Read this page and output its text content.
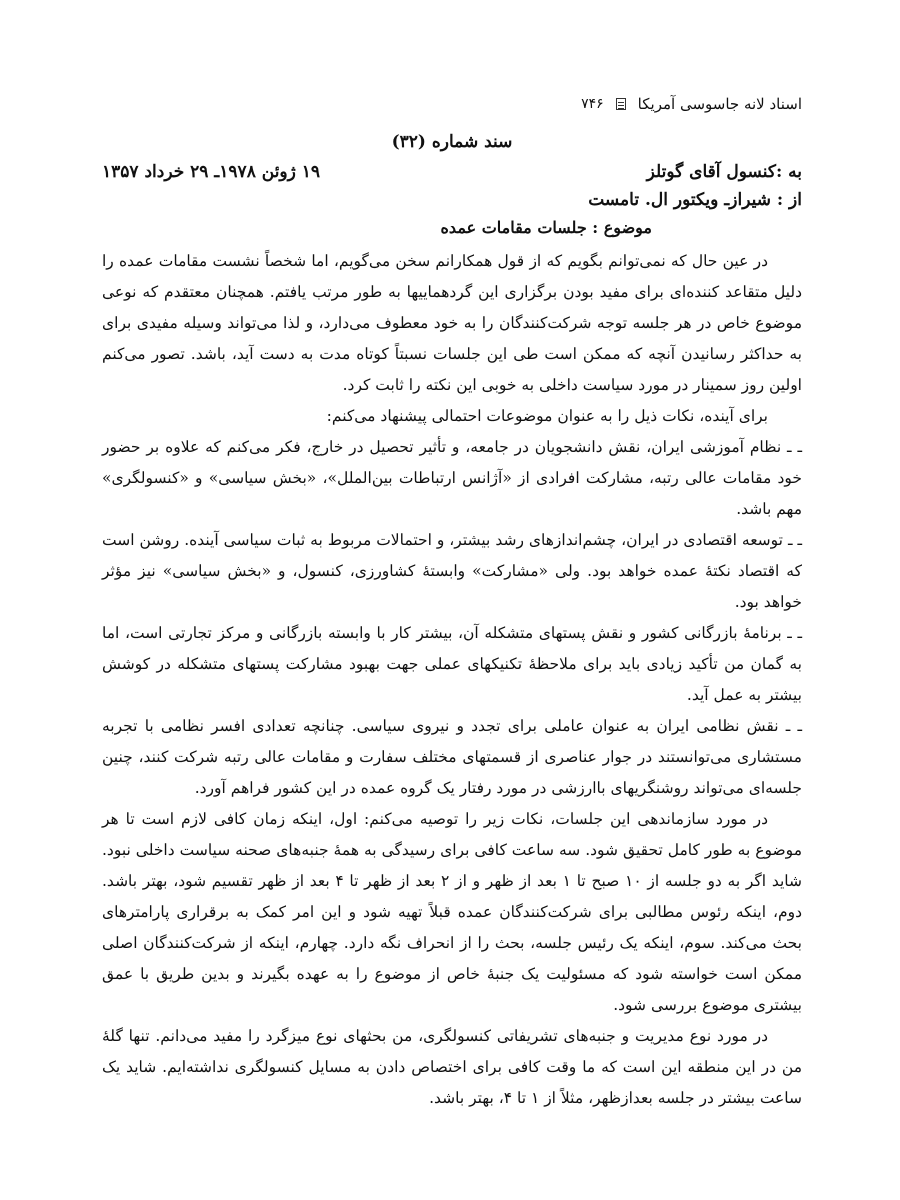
اسناد لانه جاسوسی آمریکا
۷۴۶
سند شماره (۳۲)
به :کنسول آقای گوتلز
۱۹ ژوئن ۱۹۷۸ـ ۲۹ خرداد ۱۳۵۷
از : شیرازـ ویکتور ال. تامست
موضوع : جلسات مقامات عمده

در عین حال که نمی‌توانم بگویم که از قول همکارانم سخن می‌گویم، اما شخصاً نشست مقامات عمده را دلیل متقاعد کننده‌ای برای مفید بودن برگزاری این گردهماییها به طور مرتب یافتم. همچنان معتقدم که نوعی موضوع خاص در هر جلسه توجه شرکت‌کنندگان را به خود معطوف می‌دارد، و لذا می‌تواند وسیله مفیدی برای به حداکثر رسانیدن آنچه که ممکن است طی این جلسات نسبتاً کوتاه مدت به دست آید، باشد. تصور می‌کنم اولین روز سمینار در مورد سیاست داخلی به خوبی این نکته را ثابت کرد.

برای آینده، نکات ذیل را به عنوان موضوعات احتمالی پیشنهاد می‌کنم:

ـ ـ نظام آموزشی ایران، نقش دانشجویان در جامعه، و تأثیر تحصیل در خارج، فکر می‌کنم که علاوه بر حضور خود مقامات عالی رتبه، مشارکت افرادی از «آژانس ارتباطات بین‌الملل»، «بخش سیاسی» و «کنسولگری» مهم باشد.

ـ ـ توسعه اقتصادی در ایران، چشم‌اندازهای رشد بیشتر، و احتمالات مربوط به ثبات سیاسی آینده. روشن است که اقتصاد نکتهٔ عمده خواهد بود. ولی «مشارکت» وابستهٔ کشاورزی، کنسول، و «بخش سیاسی» نیز مؤثر خواهد بود.

ـ ـ برنامهٔ بازرگانی کشور و نقش پستهای متشکله آن، بیشتر کار با وابسته بازرگانی و مرکز تجارتی است، اما به گمان من تأکید زیادی باید برای ملاحظهٔ تکنیکهای عملی جهت بهبود مشارکت پستهای متشکله در کوشش بیشتر به عمل آید.

ـ ـ نقش نظامی ایران به عنوان عاملی برای تجدد و نیروی سیاسی. چنانچه تعدادی افسر نظامی با تجربه مستشاری می‌توانستند در جوار عناصری از قسمتهای مختلف سفارت و مقامات عالی رتبه شرکت کنند، چنین جلسه‌ای می‌تواند روشنگریهای باارزشی در مورد رفتار یک گروه عمده در این کشور فراهم آورد.

در مورد سازماندهی این جلسات، نکات زیر را توصیه می‌کنم: اول، اینکه زمان کافی لازم است تا هر موضوع به طور کامل تحقیق شود. سه ساعت کافی برای رسیدگی به همهٔ جنبه‌های صحنه سیاست داخلی نبود. شاید اگر به دو جلسه از ۱۰ صبح تا ۱ بعد از ظهر و از ۲ بعد از ظهر تا ۴ بعد از ظهر تقسیم شود، بهتر باشد. دوم، اینکه رئوس مطالبی برای شرکت‌کنندگان عمده قبلاً تهیه شود و این امر کمک به برقراری پارامترهای بحث می‌کند. سوم، اینکه یک رئیس جلسه، بحث را از انحراف نگه دارد. چهارم، اینکه از شرکت‌کنندگان اصلی ممکن است خواسته شود که مسئولیت یک جنبهٔ خاص از موضوع را به عهده بگیرند و بدین طریق با عمق بیشتری موضوع بررسی شود.

در مورد نوع مدیریت و جنبه‌های تشریفاتی کنسولگری، من بحثهای نوع میزگرد را مفید می‌دانم. تنها گلهٔ من در این منطقه این است که ما وقت کافی برای اختصاص دادن به مسایل کنسولگری نداشته‌ایم. شاید یک ساعت بیشتر در جلسه بعدازظهر، مثلاً از ۱ تا ۴، بهتر باشد.
